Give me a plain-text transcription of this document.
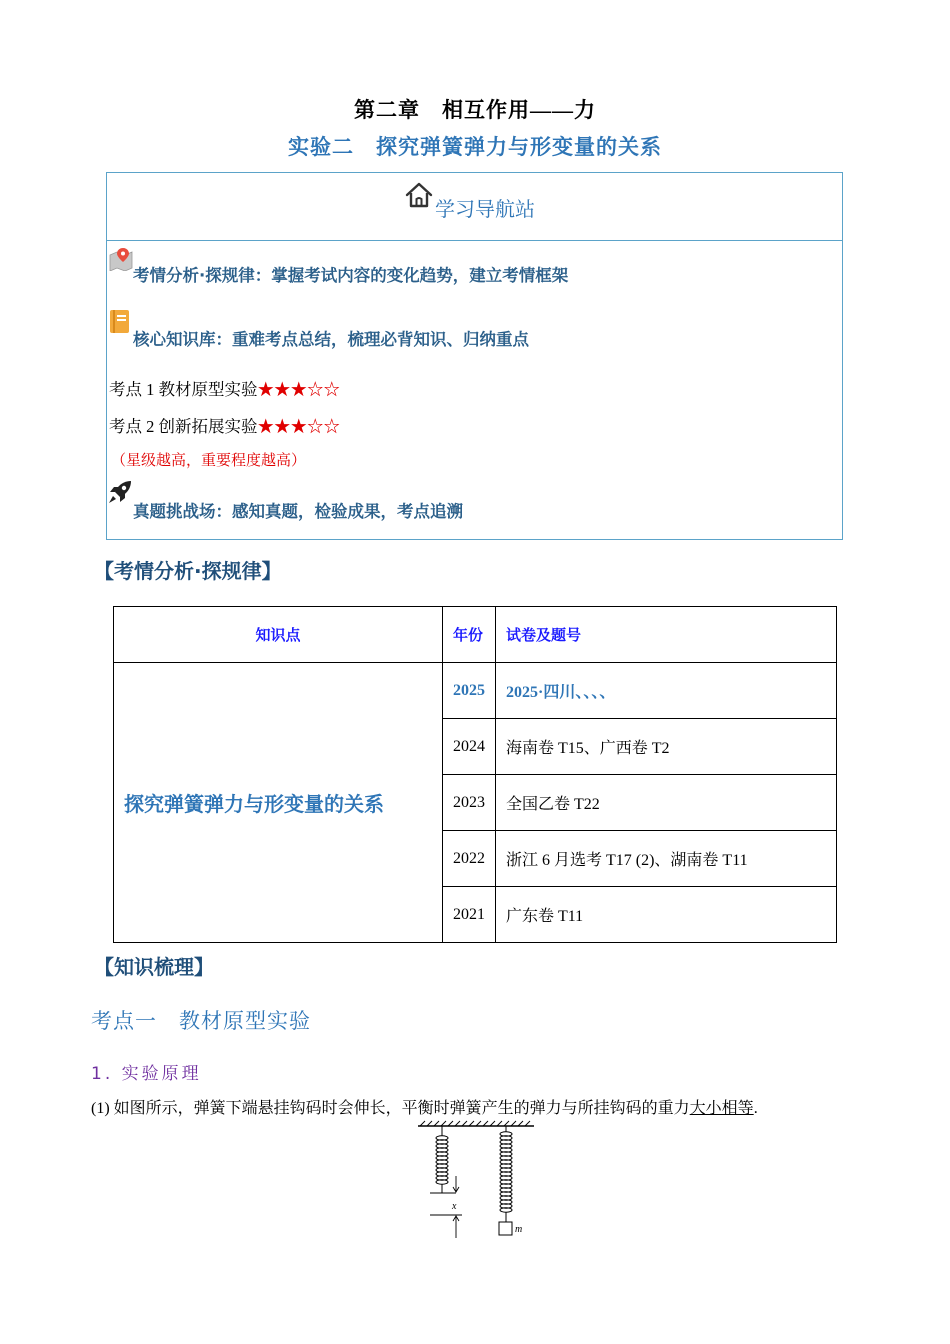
第二章　相互作用——力
实验二　探究弹簧弹力与形变量的关系
学习导航站
考情分析·探规律：掌握考试内容的变化趋势，建立考情框架
核心知识库：重难考点总结，梳理必背知识、归纳重点
考点 1 教材原型实验★★★☆☆
考点 2 创新拓展实验★★★☆☆
（星级越高，重要程度越高）
真题挑战场：感知真题，检验成果，考点追溯
【考情分析·探规律】
知识点	年份	试卷及题号
探究弹簧弹力与形变量的关系	2025	2025·四川、、、、
	2024	海南卷 T15、广西卷 T2
	2023	全国乙卷 T22
	2022	浙江 6 月选考 T17 (2)、湖南卷 T11
	2021	广东卷 T11
【知识梳理】
考点一　教材原型实验
1. 实验原理
(1) 如图所示，弹簧下端悬挂钩码时会伸长，平衡时弹簧产生的弹力与所挂钩码的重力大小相等.
x
m
